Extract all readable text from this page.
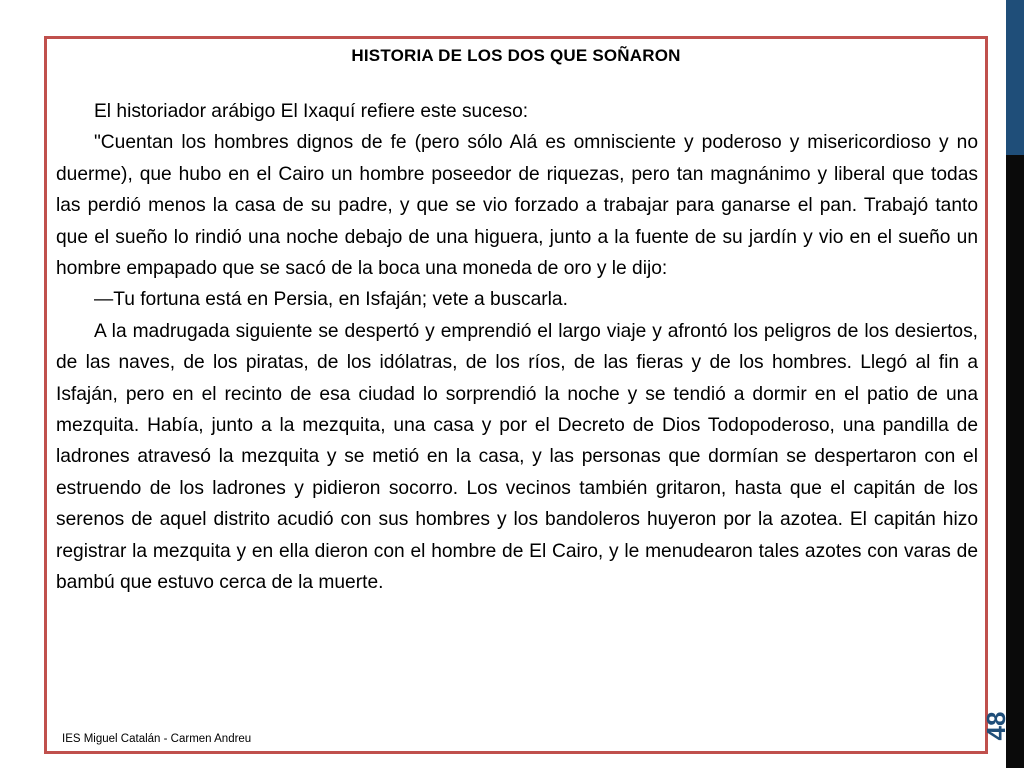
HISTORIA DE LOS DOS QUE SOÑARON

El historiador arábigo El Ixaquí refiere este suceso:

"Cuentan los hombres dignos de fe (pero sólo Alá es omnisciente y poderoso y misericordioso y no duerme), que hubo en el Cairo un hombre poseedor de riquezas, pero tan magnánimo y liberal que todas las perdió menos la casa de su padre, y que se vio forzado a trabajar para ganarse el pan. Trabajó tanto que el sueño lo rindió una noche debajo de una higuera, junto a la fuente de su jardín y vio en el sueño un hombre empapado que se sacó de la boca una moneda de oro y le dijo:

—Tu fortuna está en Persia, en Isfaján; vete a buscarla.

A la madrugada siguiente se despertó y emprendió el largo viaje y afrontó los peligros de los desiertos, de las naves, de los piratas, de los idólatras, de los ríos, de las fieras y de los hombres. Llegó al fin a Isfaján, pero en el recinto de esa ciudad lo sorprendió la noche y se tendió a dormir en el patio de una mezquita. Había, junto a la mezquita, una casa y por el Decreto de Dios Todopoderoso, una pandilla de ladrones atravesó la mezquita y se metió en la casa, y las personas que dormían se despertaron con el estruendo de los ladrones y pidieron socorro. Los vecinos también gritaron, hasta que el capitán de los serenos de aquel distrito acudió con sus hombres y los bandoleros huyeron por la azotea. El capitán hizo registrar la mezquita y en ella dieron con el hombre de El Cairo, y le menudearon tales azotes con varas de bambú que estuvo cerca de la muerte.

IES Miguel Catalán - Carmen Andreu	48
